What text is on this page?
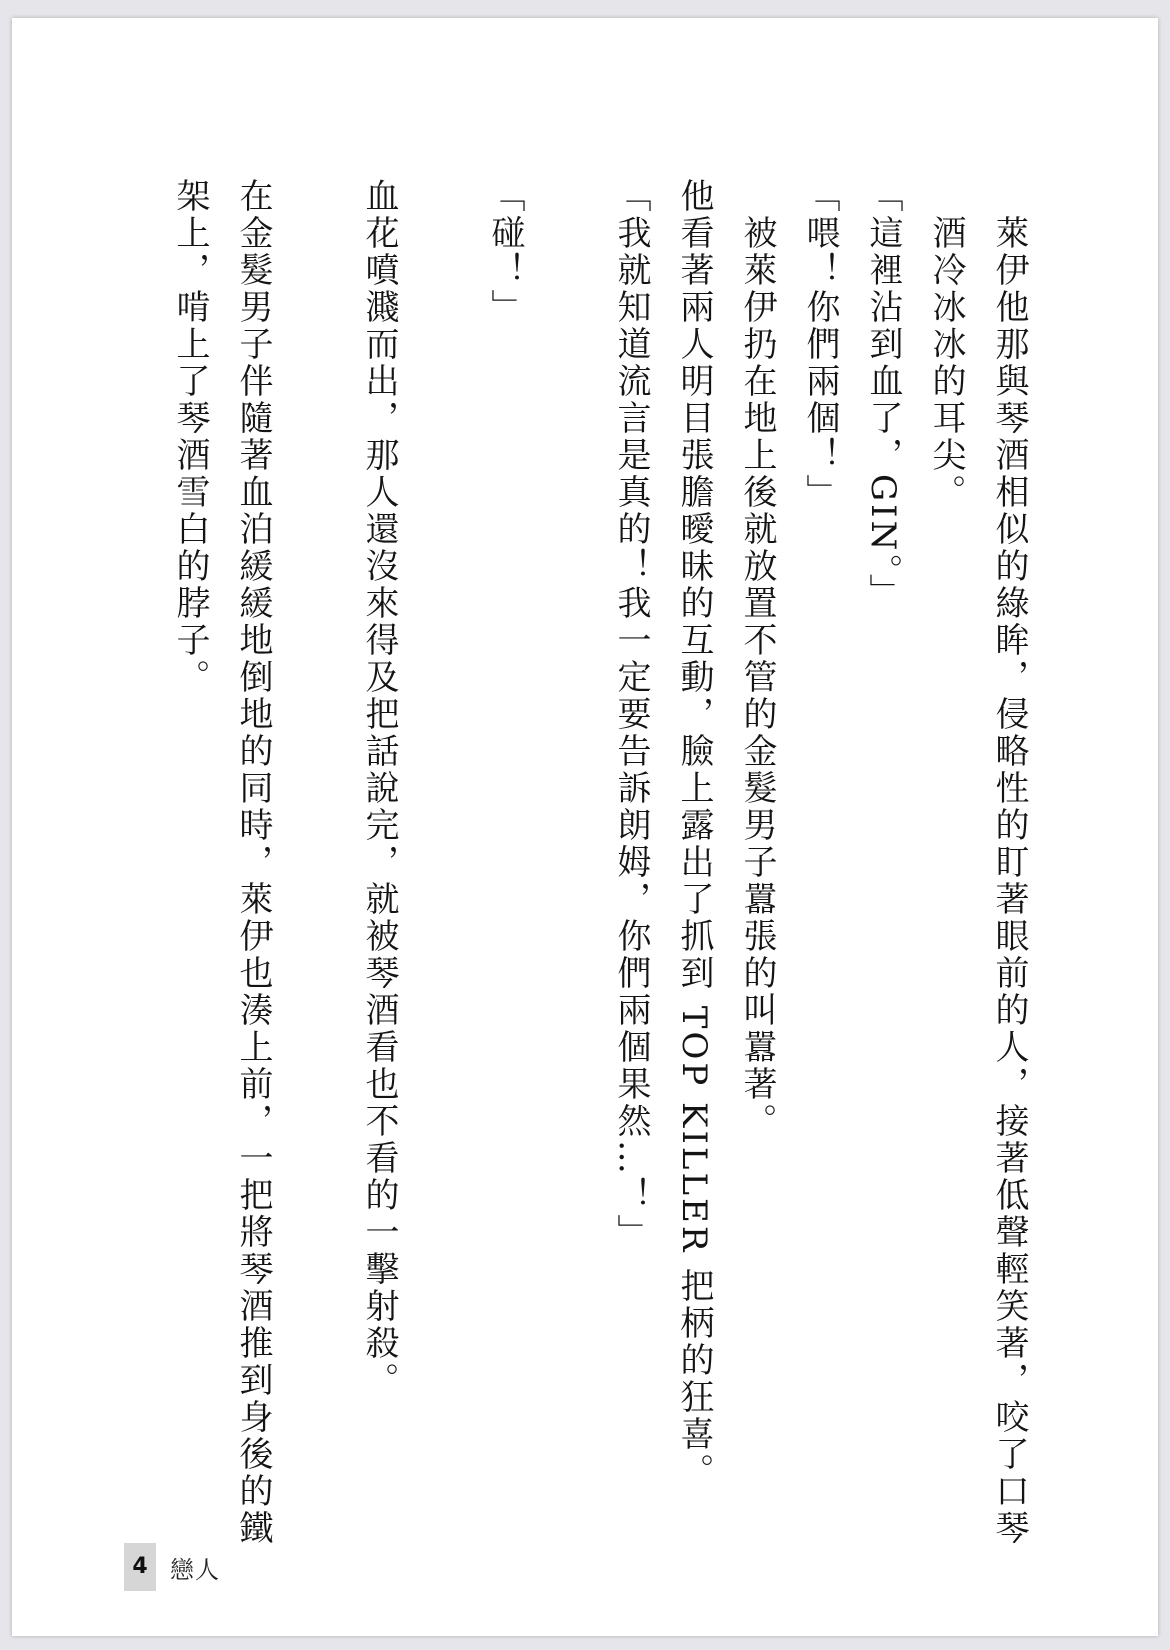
萊伊他那與琴酒相似的綠眸，侵略性的盯著眼前的人，接著低聲輕笑著，咬了口琴酒冷冰冰的耳尖。

「這裡沾到血了，GIN。」

「喂！你們兩個！」

被萊伊扔在地上後就放置不管的金髮男子囂張的叫囂著。

他看著兩人明目張膽曖昧的互動，臉上露出了抓到 TOP KILLER 把柄的狂喜。

「我就知道流言是真的！我一定要告訴朗姆，你們兩個果然…！」

「碰！」

血花噴濺而出，那人還沒來得及把話說完，就被琴酒看也不看的一擊射殺。

在金髮男子伴隨著血泊緩緩地倒地的同時，萊伊也湊上前，一把將琴酒推到身後的鐵架上，啃上了琴酒雪白的脖子。

4 戀人
